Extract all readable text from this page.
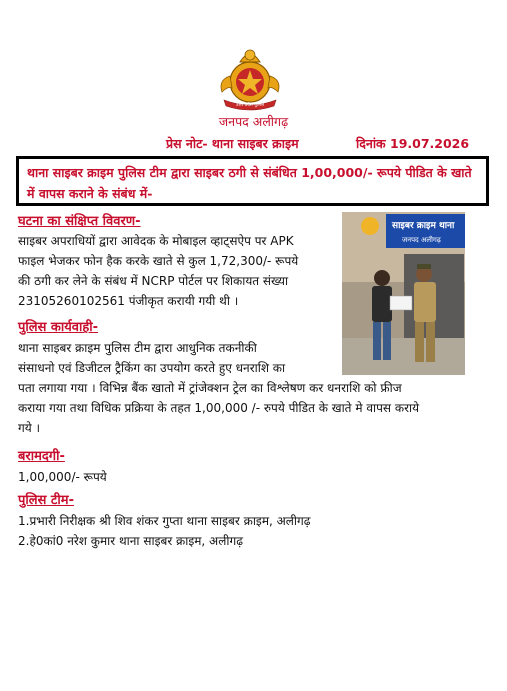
उत्तर प्रदेश पुलिस
जनपद अलीगढ़
प्रेस नोट- थाना साइबर क्राइम	दिनांक 19.07.2026
थाना साइबर क्राइम पुलिस टीम द्वारा साइबर ठगी से संबंधित 1,00,000/- रूपये पीडित के खाते में वापस कराने के संबंध में-
साइबर क्राइम थाना
जनपद अलीगढ़
घटना का संक्षिप्त विवरण-
साइबर अपराधियों द्वारा आवेदक के मोबाइल व्हाट्सऐप पर APK
फाइल भेजकर फोन हैक करके खाते से कुल 1,72,300/- रूपये
की ठगी कर लेने के संबंध में NCRP पोर्टल पर शिकायत संख्या
23105260102561 पंजीकृत करायी गयी थी ।
पुलिस कार्यवाही-
थाना साइबर क्राइम पुलिस टीम द्वारा आधुनिक तकनीकी
संसाधनो एवं डिजीटल ट्रैकिंग का उपयोग करते हुए धनराशि का
पता लगाया गया । विभिन्न बैंक खातो में ट्रांजेक्शन ट्रेल का विश्लेषण कर धनराशि को फ्रीज
कराया गया तथा विधिक प्रक्रिया के तहत 1,00,000 /- रुपये पीडित के खाते मे वापस कराये
गये ।
बरामदगी-
1,00,000/- रूपये
पुलिस टीम-
1.प्रभारी निरीक्षक श्री शिव शंकर गुप्ता थाना साइबर क्राइम, अलीगढ़
2.हे0कां0 नरेश कुमार थाना साइबर क्राइम, अलीगढ़
